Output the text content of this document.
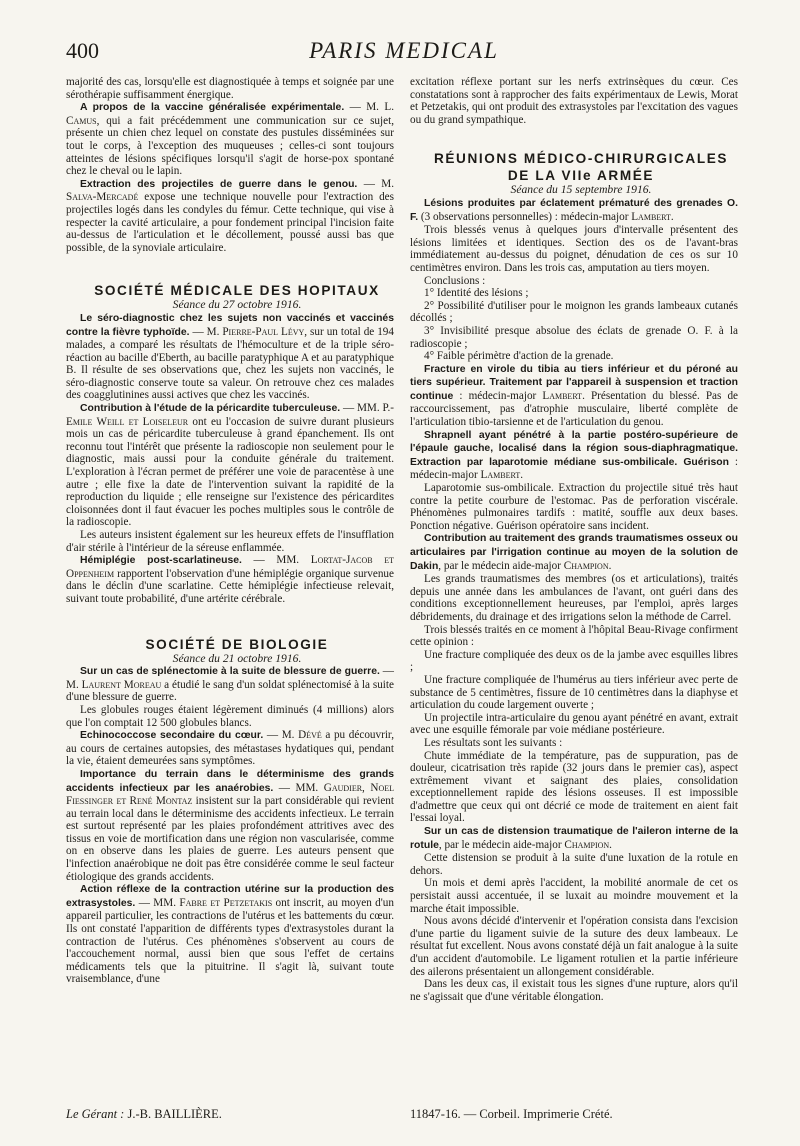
400	PARIS MEDICAL

majorité des cas, lorsqu'elle est diagnostiquée à temps et soignée par une sérothérapie suffisamment énergique.

A propos de la vaccine généralisée expérimentale. — M. L. Camus, qui a fait précédemment une communication sur ce sujet, présente un chien chez lequel on constate des pustules disséminées sur tout le corps, à l'exception des muqueuses ; celles-ci sont toujours atteintes de lésions spécifiques lorsqu'il s'agit de horse-pox spontané chez le cheval ou le lapin.

Extraction des projectiles de guerre dans le genou. — M. Salva-Mercadé expose une technique nouvelle pour l'extraction des projectiles logés dans les condyles du fémur. Cette technique, qui vise à respecter la cavité articulaire, a pour fondement principal l'incision faite au-dessus de l'articulation et le décollement, poussé aussi bas que possible, de la synoviale articulaire.

SOCIÉTÉ MÉDICALE DES HOPITAUX

Séance du 27 octobre 1916.

Le séro-diagnostic chez les sujets non vaccinés et vaccinés contre la fièvre typhoïde. — M. Pierre-Paul Lévy, sur un total de 194 malades, a comparé les résultats de l'hémoculture et de la triple séro-réaction au bacille d'Eberth, au bacille paratyphique A et au paratyphique B. Il résulte de ses observations que, chez les sujets non vaccinés, le séro-diagnostic conserve toute sa valeur. On retrouve chez ces malades des coagglutinines aussi actives que chez les vaccinés.

Contribution à l'étude de la péricardite tuberculeuse. — MM. P.-Emile Weill et Loiseleur ont eu l'occasion de suivre durant plusieurs mois un cas de péricardite tuberculeuse à grand épanchement. Ils ont reconnu tout l'intérêt que présente la radioscopie non seulement pour le diagnostic, mais aussi pour la conduite générale du traitement. L'exploration à l'écran permet de préférer une voie de paracentèse à une autre ; elle fixe la date de l'intervention suivant la rapidité de la reproduction du liquide ; elle renseigne sur l'existence des péricardites cloisonnées dont il faut évacuer les poches multiples sous le contrôle de la radioscopie.

Les auteurs insistent également sur les heureux effets de l'insufflation d'air stérile à l'intérieur de la séreuse enflammée.

Hémiplégie post-scarlatineuse. — MM. Lortat-Jacob et Oppenheim rapportent l'observation d'une hémiplégie organique survenue dans le déclin d'une scarlatine. Cette hémiplégie infectieuse relevait, suivant toute probabilité, d'une artérite cérébrale.

SOCIÉTÉ DE BIOLOGIE

Séance du 21 octobre 1916.

Sur un cas de splénectomie à la suite de blessure de guerre. — M. Laurent Moreau a étudié le sang d'un soldat splénectomisé à la suite d'une blessure de guerre.

Les globules rouges étaient légèrement diminués (4 millions) alors que l'on comptait 12 500 globules blancs.

Echinococcose secondaire du cœur. — M. Dévé a pu découvrir, au cours de certaines autopsies, des métastases hydatiques qui, pendant la vie, étaient demeurées sans symptômes.

Importance du terrain dans le déterminisme des grands accidents infectieux par les anaérobies. — MM. Gaudier, Noel Fiessinger et René Montaz insistent sur la part considérable qui revient au terrain local dans le déterminisme des accidents infectieux. Le terrain est surtout représenté par les plaies profondément attritives avec des tissus en voie de mortification dans une région non vascularisée, comme on en observe dans les plaies de guerre. Les auteurs pensent que l'infection anaérobique ne doit pas être considérée comme le seul facteur étiologique des grands accidents.

Action réflexe de la contraction utérine sur la production des extrasystoles. — MM. Fabre et Petzetakis ont inscrit, au moyen d'un appareil particulier, les contractions de l'utérus et les battements du cœur. Ils ont constaté l'apparition de différents types d'extrasystoles durant la contraction de l'utérus. Ces phénomènes s'observent au cours de l'accouchement normal, aussi bien que sous l'effet de certains médicaments tels que la pituitrine. Il s'agit là, suivant toute vraisemblance, d'une

excitation réflexe portant sur les nerfs extrinsèques du cœur. Ces constatations sont à rapprocher des faits expérimentaux de Lewis, Morat et Petzetakis, qui ont produit des extrasystoles par l'excitation des vagues ou du grand sympathique.

RÉUNIONS MÉDICO-CHIRURGICALES

DE LA VIIe ARMÉE

Séance du 15 septembre 1916.

Lésions produites par éclatement prématuré des grenades O. F. (3 observations personnelles) : médecin-major Lambert.

Trois blessés venus à quelques jours d'intervalle présentent des lésions limitées et identiques. Section des os de l'avant-bras immédiatement au-dessus du poignet, dénudation de ces os sur 10 centimètres environ. Dans les trois cas, amputation au tiers moyen.

Conclusions :

1° Identité des lésions ;

2° Possibilité d'utiliser pour le moignon les grands lambeaux cutanés décollés ;

3° Invisibilité presque absolue des éclats de grenade O. F. à la radioscopie ;

4° Faible périmètre d'action de la grenade.

Fracture en virole du tibia au tiers inférieur et du péroné au tiers supérieur. Traitement par l'appareil à suspension et traction continue : médecin-major Lambert. Présentation du blessé. Pas de raccourcissement, pas d'atrophie musculaire, liberté complète de l'articulation tibio-tarsienne et de l'articulation du genou.

Shrapnell ayant pénétré à la partie postéro-supérieure de l'épaule gauche, localisé dans la région sous-diaphragmatique. Extraction par laparotomie médiane sus-ombilicale. Guérison : médecin-major Lambert.

Laparotomie sus-ombilicale. Extraction du projectile situé très haut contre la petite courbure de l'estomac. Pas de perforation viscérale. Phénomènes pulmonaires tardifs : matité, souffle aux deux bases. Ponction négative. Guérison opératoire sans incident.

Contribution au traitement des grands traumatismes osseux ou articulaires par l'irrigation continue au moyen de la solution de Dakin, par le médecin aide-major Champion.

Les grands traumatismes des membres (os et articulations), traités depuis une année dans les ambulances de l'avant, ont guéri dans des conditions exceptionnellement heureuses, par l'emploi, après larges débridements, du drainage et des irrigations selon la méthode de Carrel.

Trois blessés traités en ce moment à l'hôpital Beau-Rivage confirment cette opinion :

Une fracture compliquée des deux os de la jambe avec esquilles libres ;

Une fracture compliquée de l'humérus au tiers inférieur avec perte de substance de 5 centimètres, fissure de 10 centimètres dans la diaphyse et articulation du coude largement ouverte ;

Un projectile intra-articulaire du genou ayant pénétré en avant, extrait avec une esquille fémorale par voie médiane postérieure.

Les résultats sont les suivants :

Chute immédiate de la température, pas de suppuration, pas de douleur, cicatrisation très rapide (32 jours dans le premier cas), aspect extrêmement vivant et saignant des plaies, consolidation exceptionnellement rapide des lésions osseuses. Il est impossible d'admettre que ceux qui ont décrié ce mode de traitement en aient fait l'essai loyal.

Sur un cas de distension traumatique de l'aileron interne de la rotule, par le médecin aide-major Champion.

Cette distension se produit à la suite d'une luxation de la rotule en dehors.

Un mois et demi après l'accident, la mobilité anormale de cet os persistait aussi accentuée, il se luxait au moindre mouvement et la marche était impossible.

Nous avons décidé d'intervenir et l'opération consista dans l'excision d'une partie du ligament suivie de la suture des deux lambeaux. Le résultat fut excellent. Nous avons constaté déjà un fait analogue à la suite d'un accident d'automobile. Le ligament rotulien et la partie inférieure des ailerons présentaient un allongement considérable.

Dans les deux cas, il existait tous les signes d'une rupture, alors qu'il ne s'agissait que d'une véritable élongation.

Le Gérant : J.-B. BAILLIÈRE.	11847-16. — Corbeil. Imprimerie Crété.
